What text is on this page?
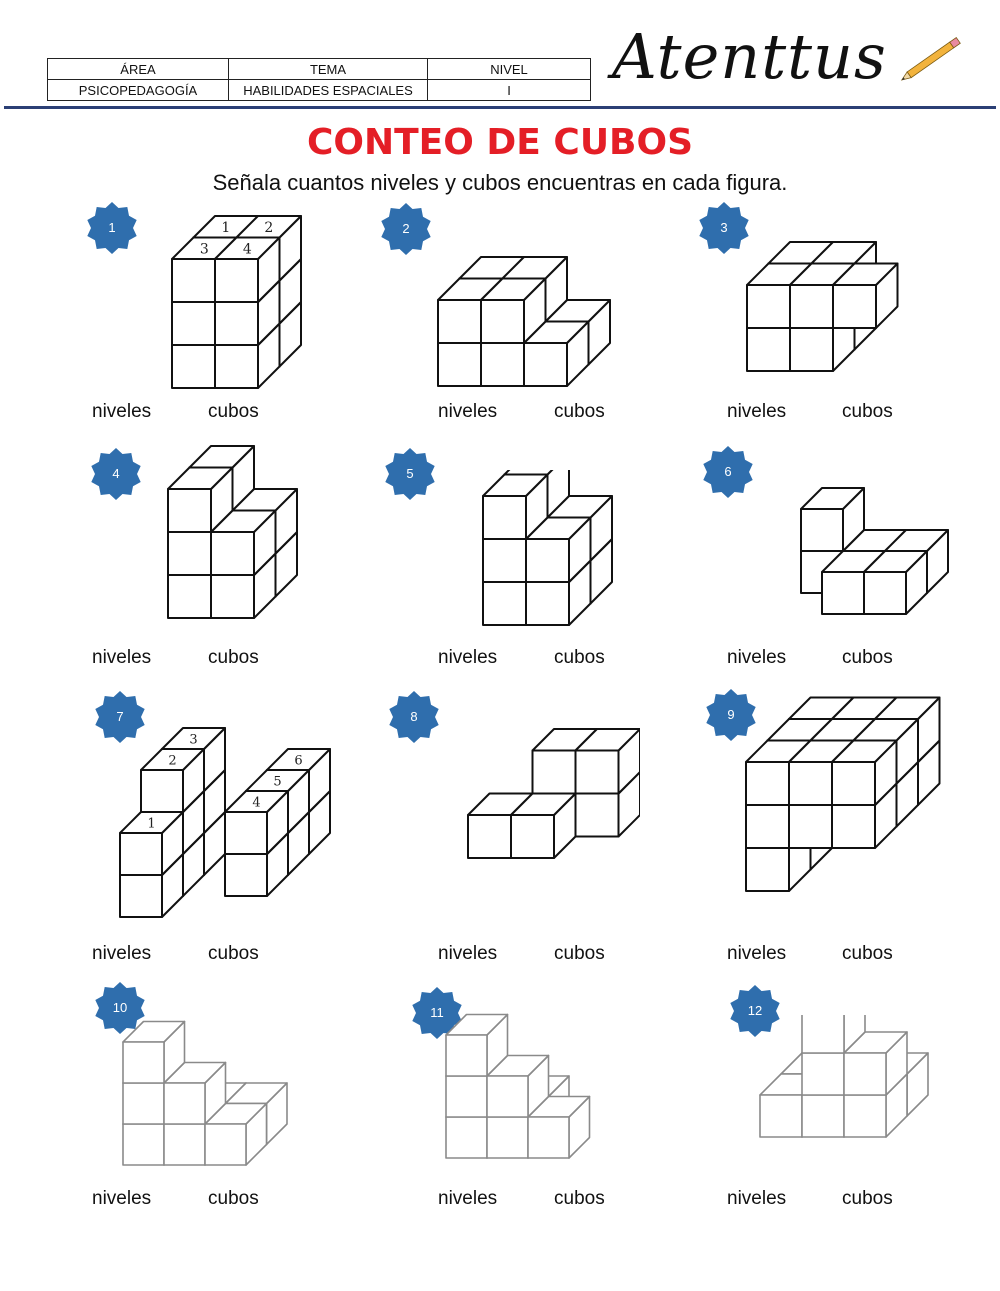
ÁREA	TEMA	NIVEL
PSICOPEDAGOGÍA	HABILIDADES ESPACIALES	I Atenttus
CONTEO DE CUBOS
Señala cuantos niveles y cubos encuentras en cada figura.
1	2	3
4	5	6
7	8	9
10	11	12
3 4
1 2
1
2
3
4
5
6
niveles	cubos	niveles	cubos	niveles	cubos
niveles	cubos	niveles	cubos	niveles	cubos
niveles	cubos	niveles	cubos	niveles	cubos
niveles	cubos	niveles	cubos	niveles	cubos
